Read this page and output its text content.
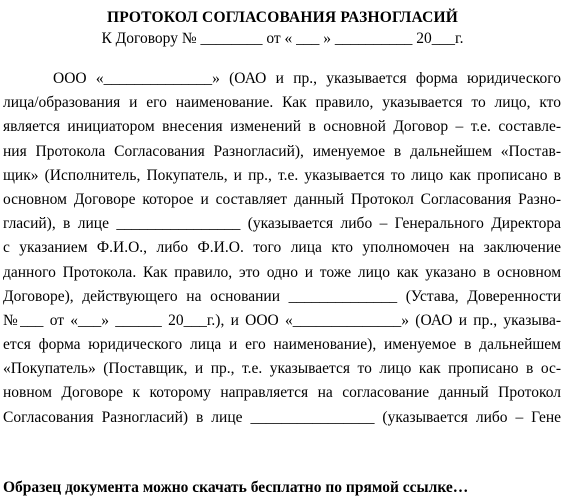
ПРОТОКОЛ СОГЛАСОВАНИЯ РАЗНОГЛАСИЙ
К Договору № ________ от « ___ » __________ 20___г.
ООО «______________» (ОАО и пр., указывается форма юридического
лица/образования и его наименование. Как правило, указывается то лицо, кто
является инициатором внесения изменений в основной Договор – т.е. составле-
ния Протокола Согласования Разногласий), именуемое в дальнейшем «Постав-
щик» (Исполнитель, Покупатель, и пр., т.е. указывается то лицо как прописано в
основном Договоре которое и составляет данный Протокол Согласования Разно-
гласий), в лице ________________ (указывается либо – Генерального Директора
с указанием Ф.И.О., либо Ф.И.О. того лица кто уполномочен на заключение
данного Протокола. Как правило, это одно и тоже лицо как указано в основном
Договоре), действующего на основании ______________ (Устава, Доверенности
№___ от «___» ______ 20___г.), и ООО «______________» (ОАО и пр., указыва-
ется форма юридического лица и его наименование), именуемое в дальнейшем
«Покупатель» (Поставщик, и пр., т.е. указывается то лицо как прописано в ос-
новном Договоре к которому направляется на согласование данный Протокол
Согласования Разногласий) в лице ________________ (указывается либо – Гене
Образец документа можно скачать бесплатно по прямой ссылке…
